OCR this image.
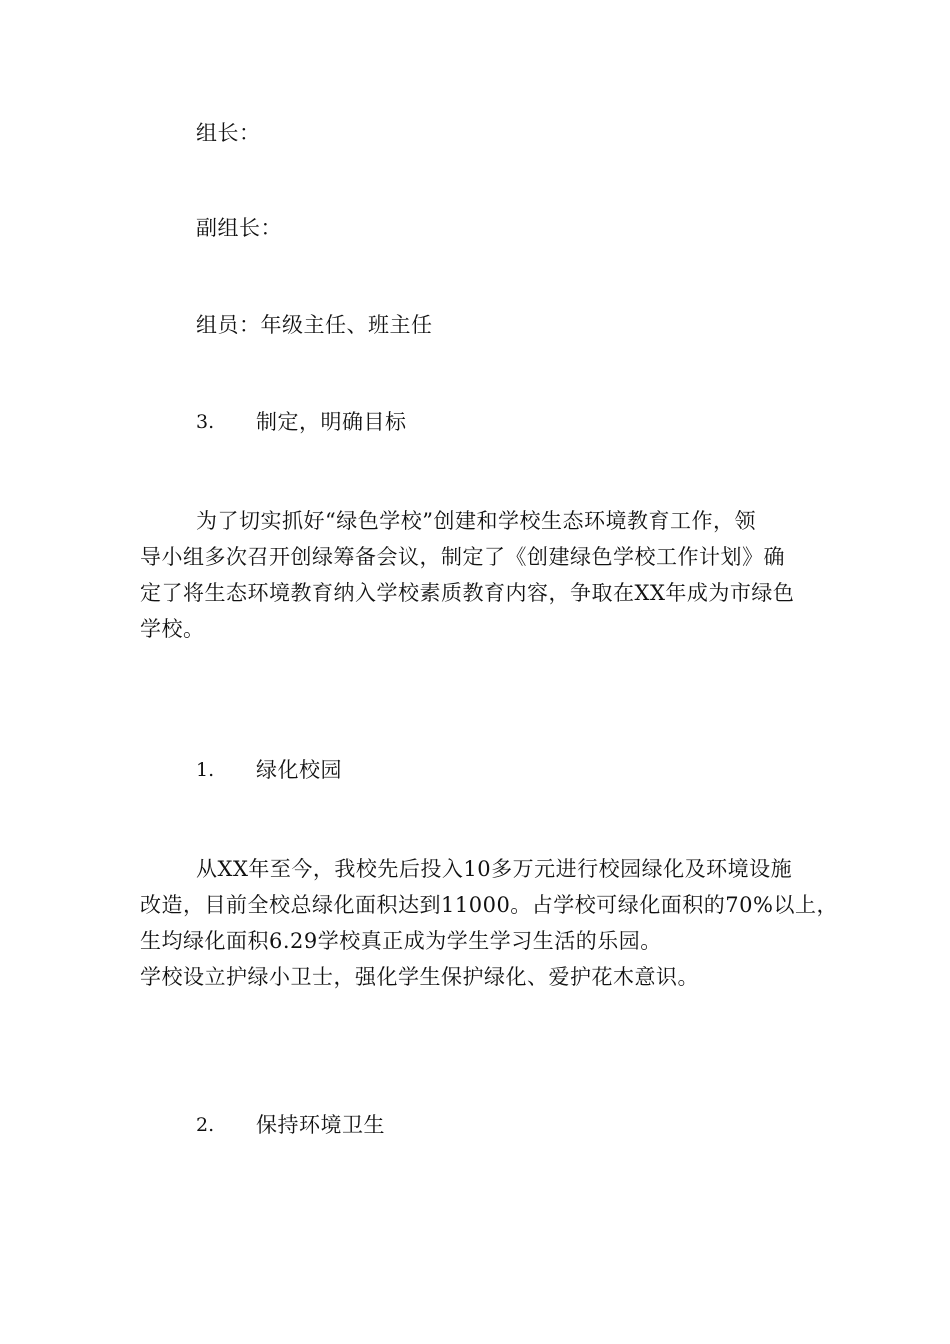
组长：
副组长：
组员：年级主任、班主任
3. 制定，明确目标
为了切实抓好“绿色学校”创建和学校生态环境教育工作，领
导小组多次召开创绿筹备会议，制定了《创建绿色学校工作计划》确
定了将生态环境教育纳入学校素质教育内容，争取在XX年成为市绿色
学校。
1. 绿化校园
从XX年至今，我校先后投入10多万元进行校园绿化及环境设施
改造，目前全校总绿化面积达到11000。占学校可绿化面积的70%以上，
生均绿化面积6.29学校真正成为学生学习生活的乐园。
学校设立护绿小卫士，强化学生保护绿化、爱护花木意识。
2. 保持环境卫生
